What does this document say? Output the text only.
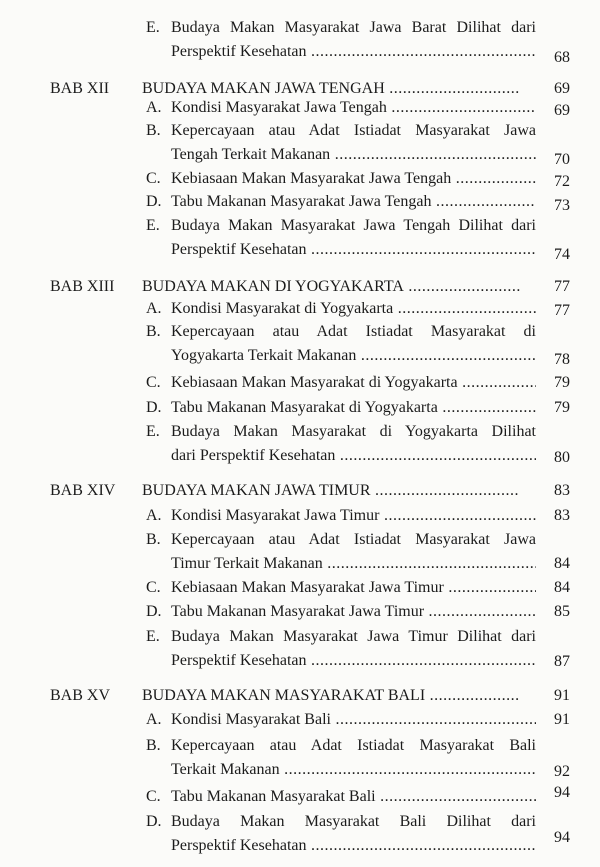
E. Budaya Makan Masyarakat Jawa Barat Dilihat dari
Perspektif Kesehatan .....	68
BAB XII BUDAYA MAKAN JAWA TENGAH .....	69
A. Kondisi Masyarakat Jawa Tengah .....	69
B. Kepercayaan atau Adat Istiadat Masyarakat Jawa
Tengah Terkait Makanan .....	70
C. Kebiasaan Makan Masyarakat Jawa Tengah .....	72
D. Tabu Makanan Masyarakat Jawa Tengah .....	73
E. Budaya Makan Masyarakat Jawa Tengah Dilihat dari
Perspektif Kesehatan .....	74
BAB XIII BUDAYA MAKAN DI YOGYAKARTA .....	77
A. Kondisi Masyarakat di Yogyakarta .....	77
B. Kepercayaan atau Adat Istiadat Masyarakat di
Yogyakarta Terkait Makanan .....	78
C. Kebiasaan Makan Masyarakat di Yogyakarta .....	79
D. Tabu Makanan Masyarakat di Yogyakarta .....	79
E. Budaya Makan Masyarakat di Yogyakarta Dilihat
dari Perspektif Kesehatan .....	80
BAB XIV BUDAYA MAKAN JAWA TIMUR .....	83
A. Kondisi Masyarakat Jawa Timur .....	83
B. Kepercayaan atau Adat Istiadat Masyarakat Jawa
Timur Terkait Makanan .....	84
C. Kebiasaan Makan Masyarakat Jawa Timur .....	84
D. Tabu Makanan Masyarakat Jawa Timur .....	85
E. Budaya Makan Masyarakat Jawa Timur Dilihat dari
Perspektif Kesehatan .....	87
BAB XV BUDAYA MAKAN MASYARAKAT BALI .....	91
A. Kondisi Masyarakat Bali .....	91
B. Kepercayaan atau Adat Istiadat Masyarakat Bali
Terkait Makanan .....	92
C. Tabu Makanan Masyarakat Bali .....	94
D. Budaya Makan Masyarakat Bali Dilihat dari
Perspektif Kesehatan .....	94
